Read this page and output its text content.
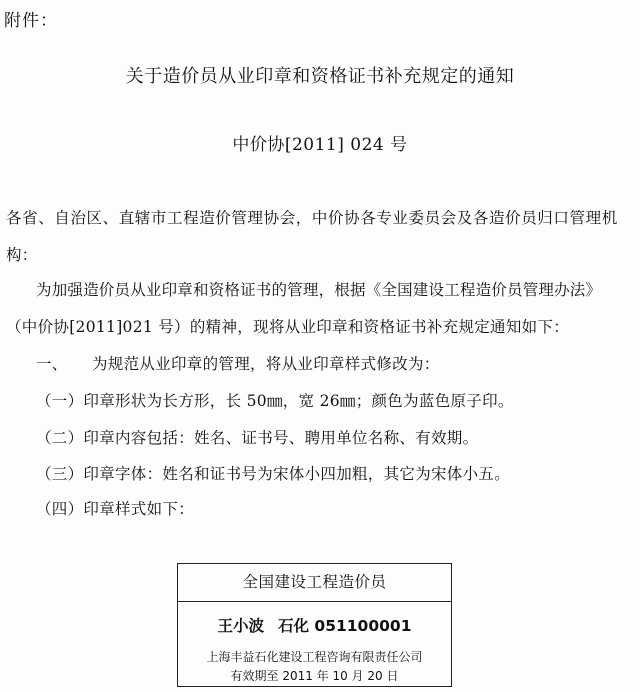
附件：
关于造价员从业印章和资格证书补充规定的通知
中价协[2011] 024 号
各省、自治区、直辖市工程造价管理协会，中价协各专业委员会及各造价员归口管理机
构：
为加强造价员从业印章和资格证书的管理，根据《全国建设工程造价员管理办法》
（中价协[2011]021 号）的精神，现将从业印章和资格证书补充规定通知如下：
一、 为规范从业印章的管理，将从业印章样式修改为：
（一）印章形状为长方形，长 50㎜，宽 26㎜；颜色为蓝色原子印。
（二）印章内容包括：姓名、证书号、聘用单位名称、有效期。
（三）印章字体：姓名和证书号为宋体小四加粗，其它为宋体小五。
（四）印章样式如下：
全国建设工程造价员
王小波 石化 051100001
上海丰益石化建设工程咨询有限责任公司
有效期至 2011 年 10 月 20 日
